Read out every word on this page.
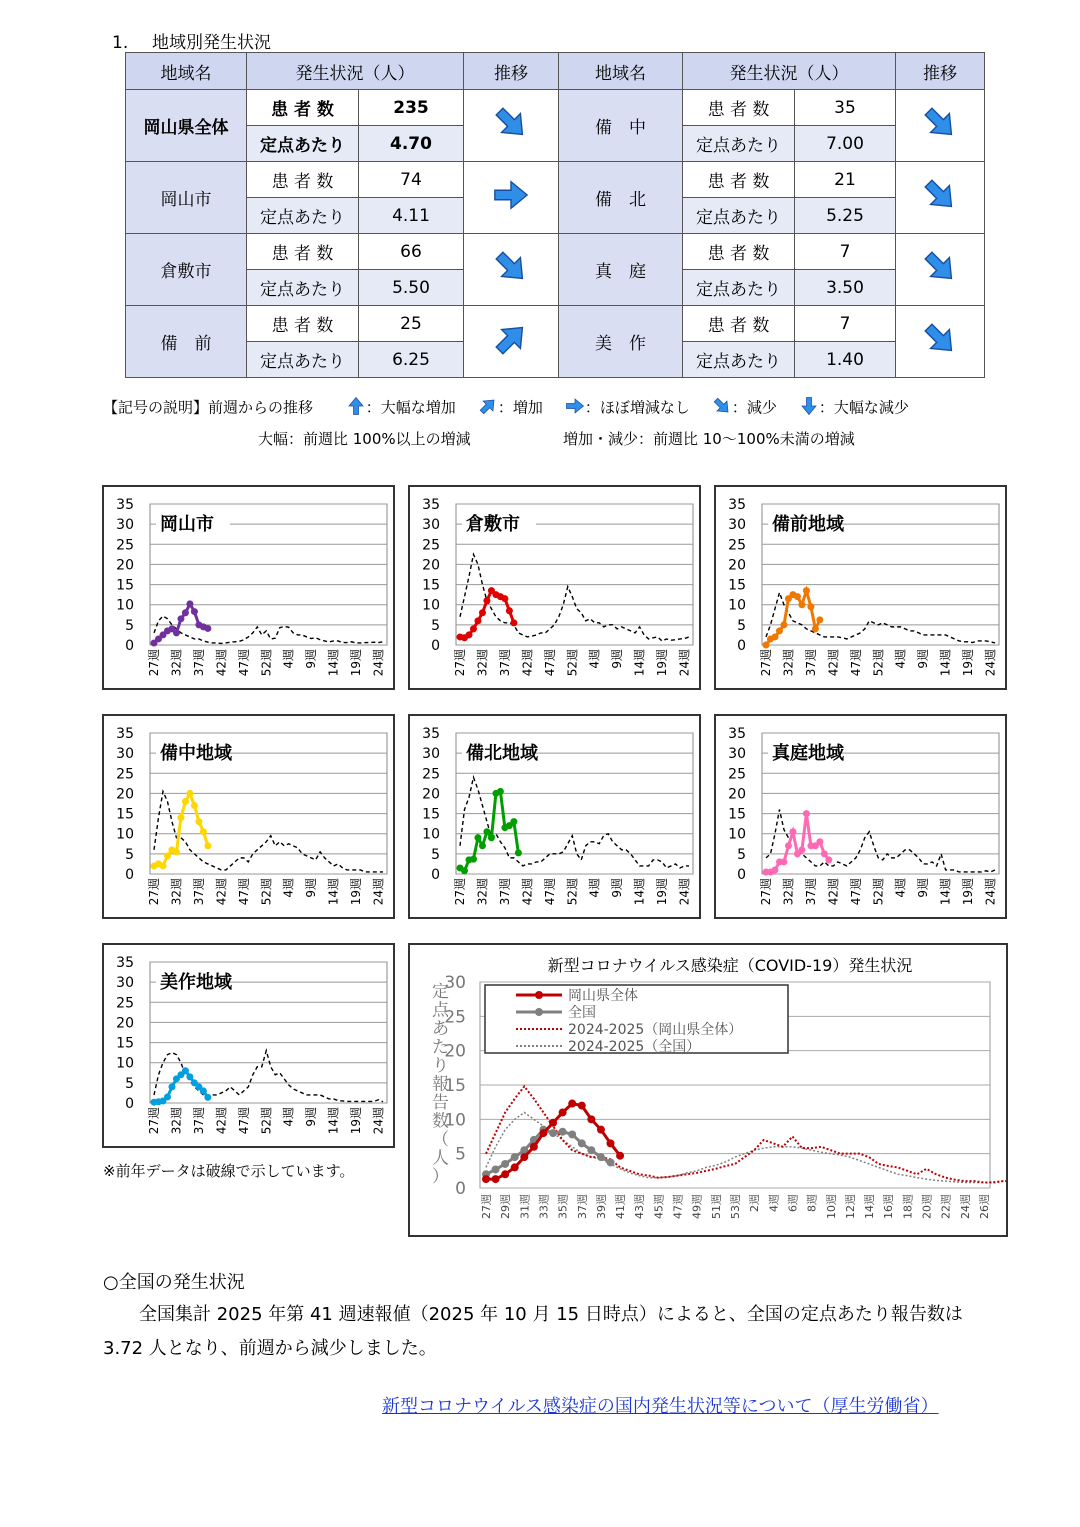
1. 地域別発生状況
地域名	発生状況（人）		推移	地域名	発生状況（人）		推移
岡山県全体	患 者 数	235		備　中	患 者 数	35	
	定点あたり	4.70			定点あたり	7.00	
岡山市	患 者 数	74		備　北	患 者 数	21	
	定点あたり	4.11			定点あたり	5.25	
倉敷市	患 者 数	66		真　庭	患 者 数	7	
	定点あたり	5.50			定点あたり	3.50	
備　前	患 者 数	25		美　作	患 者 数	7	
	定点あたり	6.25			定点あたり	1.40	
【記号の説明】前週からの推移	：大幅な増加	：増加	：ほぼ増減なし	：減少	：大幅な減少
大幅：前週比 100%以上の増減	増加・減少：前週比 10～100%未満の増減
0
5
10
15
20
25
30
35
27週 32週 37週 42週 47週 52週 4週 9週 14週 19週 24週
岡山市
0
5
10
15
20
25
30
35
27週 32週 37週 42週 47週 52週 4週 9週 14週 19週 24週
倉敷市
0
5
10
15
20
25
30
35
27週 32週 37週 42週 47週 52週 4週 9週 14週 19週 24週
備前地域
0
5
10
15
20
25
30
35
27週 32週 37週 42週 47週 52週 4週 9週 14週 19週 24週
備中地域
0
5
10
15
20
25
30
35
27週 32週 37週 42週 47週 52週 4週 9週 14週 19週 24週
備北地域
0
5
10
15
20
25
30
35
27週 32週 37週 42週 47週 52週 4週 9週 14週 19週 24週
真庭地域
0
5
10
15
20
25
30
35
27週 32週 37週 42週 47週 52週 4週 9週 14週 19週 24週
美作地域
新型コロナウイルス感染症（COVID-19）発生状況
0
5
10
15
20
25
30
定点あたり報告数（人）
27週 29週 31週 33週 35週 37週 39週 41週 43週 45週 47週 49週 51週 53週 2週 4週 6週 8週 10週 12週 14週 16週 18週 20週 22週 24週 26週
岡山県全体
全国
2024-2025（岡山県全体）
2024-2025（全国）
※前年データは破線で示しています。
○全国の発生状況
全国集計 2025 年第 41 週速報値（2025 年 10 月 15 日時点）によると、全国の定点あたり報告数は 3.72 人となり、前週から減少しました。
新型コロナウイルス感染症の国内発生状況等について（厚生労働省）
